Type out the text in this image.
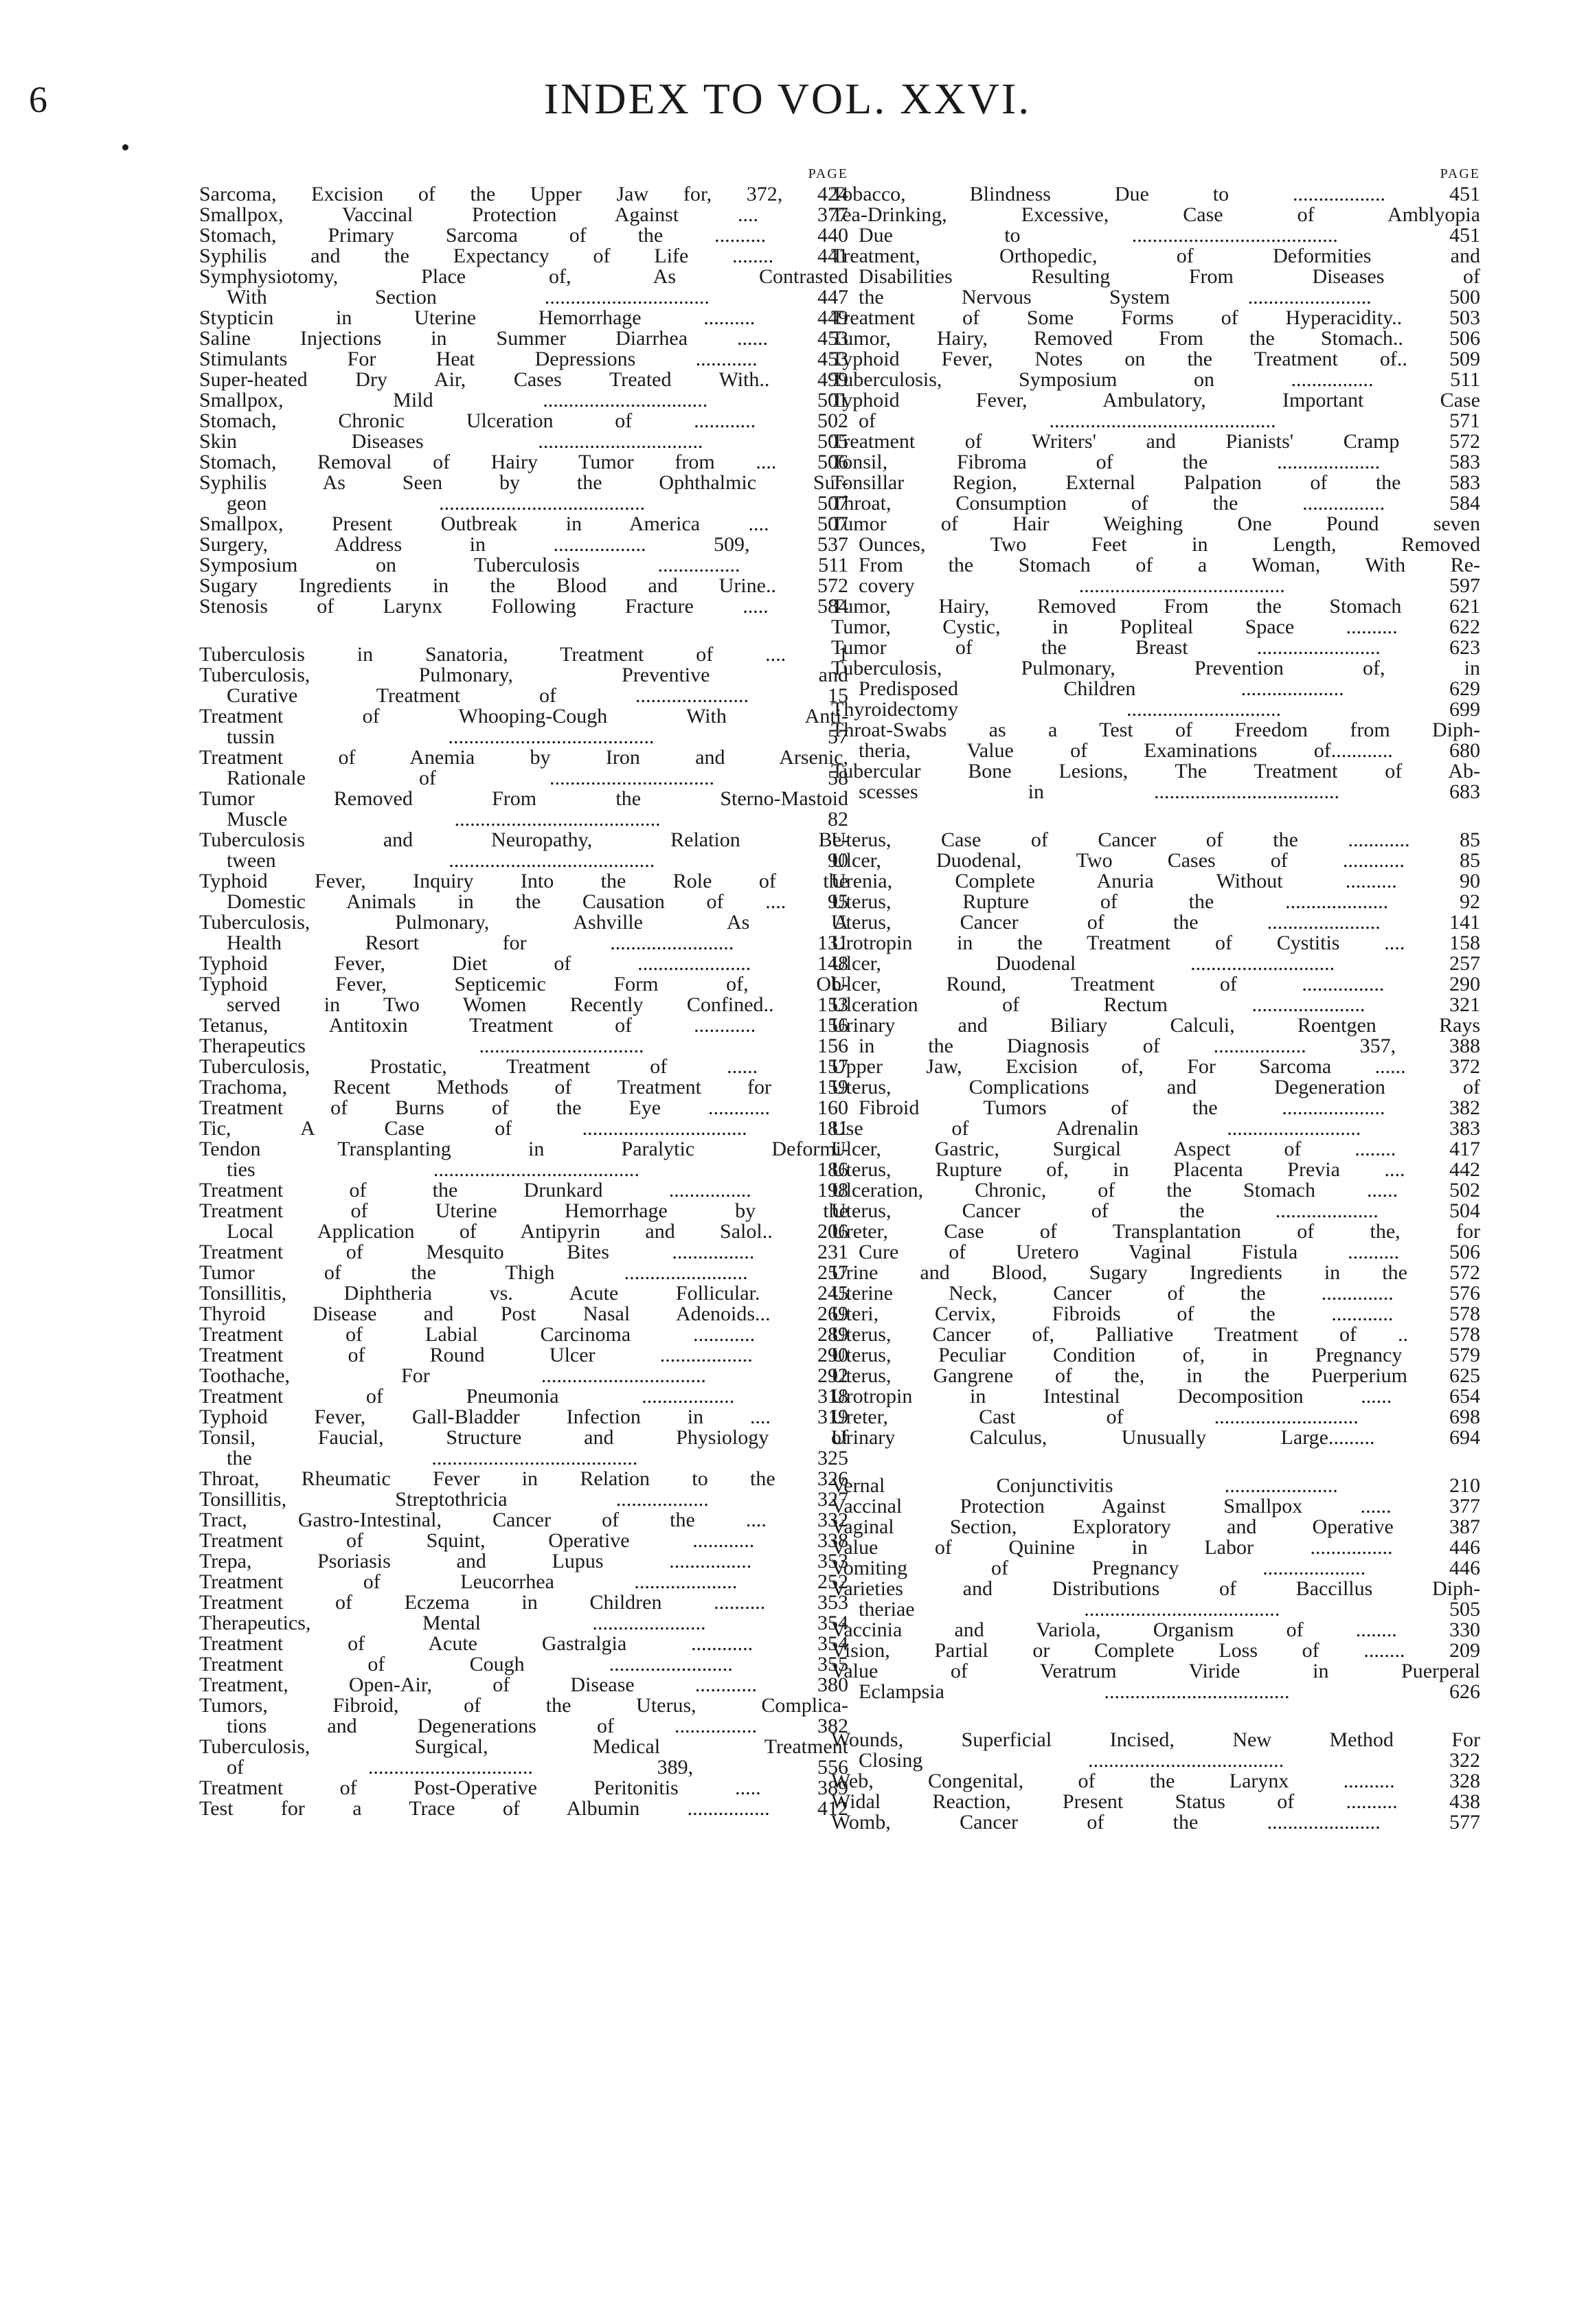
6	INDEX TO VOL. XXVI.
PAGE
Sarcoma, Excision of the Upper Jaw for, 372, 424
Smallpox, Vaccinal Protection Against .... 377
Stomach, Primary Sarcoma of the .......... 440
Syphilis and the Expectancy of Life ........ 441
Symphysiotomy, Place of, As Contrasted
With Section ................................ 447
Stypticin in Uterine Hemorrhage .......... 449
Saline Injections in Summer Diarrhea ...... 453
Stimulants For Heat Depressions ............ 453
Super-heated Dry Air, Cases Treated With.. 499
Smallpox, Mild ................................ 501
Stomach, Chronic Ulceration of ............ 502
Skin Diseases ................................ 505
Stomach, Removal of Hairy Tumor from .... 506
Syphilis As Seen by the Ophthalmic Sur-
geon ........................................ 507
Smallpox, Present Outbreak in America .... 507
Surgery, Address in .................. 509, 537
Symposium on Tuberculosis ................ 511
Sugary Ingredients in the Blood and Urine.. 572
Stenosis of Larynx Following Fracture ..... 584
Tuberculosis in Sanatoria, Treatment of .... 1
Tuberculosis, Pulmonary, Preventive and
Curative Treatment of ...................... 15
Treatment of Whooping-Cough With Anti-
tussin ........................................ 57
Treatment of Anemia by Iron and Arsenic,
Rationale of ................................ 58
Tumor Removed From the Sterno-Mastoid
Muscle ........................................ 82
Tuberculosis and Neuropathy, Relation Be-
tween ........................................ 90
Typhoid Fever, Inquiry Into the Role of the
Domestic Animals in the Causation of .... 95
Tuberculosis, Pulmonary, Ashville As A
Health Resort for ........................ 131
Typhoid Fever, Diet of ...................... 148
Typhoid Fever, Septicemic Form of, Ob-
served in Two Women Recently Confined.. 153
Tetanus, Antitoxin Treatment of ............ 156
Therapeutics ................................ 156
Tuberculosis, Prostatic, Treatment of ...... 157
Trachoma, Recent Methods of Treatment for 159
Treatment of Burns of the Eye ............ 160
Tic, A Case of ................................ 181
Tendon Transplanting in Paralytic Deformi-
ties ........................................ 186
Treatment of the Drunkard ................ 198
Treatment of Uterine Hemorrhage by the
Local Application of Antipyrin and Salol.. 206
Treatment of Mesquito Bites ................ 231
Tumor of the Thigh ........................ 257
Tonsillitis, Diphtheria vs. Acute Follicular. 245
Thyroid Disease and Post Nasal Adenoids... 269
Treatment of Labial Carcinoma ............ 289
Treatment of Round Ulcer .................. 290
Toothache, For ................................ 292
Treatment of Pneumonia .................. 318
Typhoid Fever, Gall-Bladder Infection in .... 319
Tonsil, Faucial, Structure and Physiology of
the ........................................ 325
Throat, Rheumatic Fever in Relation to the 326
Tonsillitis, Streptothricia .................. 327
Tract, Gastro-Intestinal, Cancer of the .... 332
Treatment of Squint, Operative ............ 338
Trepa, Psoriasis and Lupus ................ 353
Treatment of Leucorrhea .................... 252
Treatment of Eczema in Children .......... 353
Therapeutics, Mental ...................... 354
Treatment of Acute Gastralgia ............ 354
Treatment of Cough ........................ 355
Treatment, Open-Air, of Disease ............ 380
Tumors, Fibroid, of the Uterus, Complica-
tions and Degenerations of ................ 382
Tuberculosis, Surgical, Medical Treatment
of ................................ 389, 556
Treatment of Post-Operative Peritonitis ..... 389
Test for a Trace of Albumin ................ 412
PAGE
Tobacco, Blindness Due to .................. 451
Tea-Drinking, Excessive, Case of Amblyopia
Due to ........................................ 451
Treatment, Orthopedic, of Deformities and
Disabilities Resulting From Diseases of
the Nervous System ........................ 500
Treatment of Some Forms of Hyperacidity.. 503
Tumor, Hairy, Removed From the Stomach.. 506
Typhoid Fever, Notes on the Treatment of.. 509
Tuberculosis, Symposium on ................ 511
Typhoid Fever, Ambulatory, Important Case
of ............................................ 571
Treatment of Writers' and Pianists' Cramp 572
Tonsil, Fibroma of the .................... 583
Tonsillar Region, External Palpation of the 583
Throat, Consumption of the ................ 584
Tumor of Hair Weighing One Pound seven
Ounces, Two Feet in Length, Removed
From the Stomach of a Woman, With Re-
covery ........................................ 597
Tumor, Hairy, Removed From the Stomach 621
Tumor, Cystic, in Popliteal Space .......... 622
Tumor of the Breast ........................ 623
Tuberculosis, Pulmonary, Prevention of, in
Predisposed Children .................... 629
Thyroidectomy .............................. 699
Throat-Swabs as a Test of Freedom from Diph-
theria, Value of Examinations of............ 680
Tubercular Bone Lesions, The Treatment of Ab-
scesses in .................................... 683
Uterus, Case of Cancer of the ............ 85
Ulcer, Duodenal, Two Cases of ............ 85
Urenia, Complete Anuria Without .......... 90
Uterus, Rupture of the .................... 92
Uterus, Cancer of the ...................... 141
Urotropin in the Treatment of Cystitis .... 158
Ulcer, Duodenal ............................ 257
Ulcer, Round, Treatment of ................ 290
Ulceration of Rectum ...................... 321
Urinary and Biliary Calculi, Roentgen Rays
in the Diagnosis of .................. 357, 388
Upper Jaw, Excision of, For Sarcoma ...... 372
Uterus, Complications and Degeneration of
Fibroid Tumors of the .................... 382
Use of Adrenalin .......................... 383
Ulcer, Gastric, Surgical Aspect of ........ 417
Uterus, Rupture of, in Placenta Previa .... 442
Ulceration, Chronic, of the Stomach ...... 502
Uterus, Cancer of the .................... 504
Ureter, Case of Transplantation of the, for
Cure of Uretero Vaginal Fistula .......... 506
Urine and Blood, Sugary Ingredients in the 572
Uterine Neck, Cancer of the .............. 576
Uteri, Cervix, Fibroids of the ............ 578
Uterus, Cancer of, Palliative Treatment of .. 578
Uterus, Peculiar Condition of, in Pregnancy 579
Uterus, Gangrene of the, in the Puerperium 625
Urotropin in Intestinal Decomposition ...... 654
Ureter, Cast of ............................ 698
Urinary Calculus, Unusually Large......... 694
Vernal Conjunctivitis ...................... 210
Vaccinal Protection Against Smallpox ...... 377
Vaginal Section, Exploratory and Operative 387
Value of Quinine in Labor ................ 446
Vomiting of Pregnancy .................... 446
Varieties and Distributions of Baccillus Diph-
theriae ...................................... 505
Vaccinia and Variola, Organism of ........ 330
Vision, Partial or Complete Loss of ........ 209
Value of Veratrum Viride in Puerperal
Eclampsia .................................... 626
Wounds, Superficial Incised, New Method For
Closing ...................................... 322
Web, Congenital, of the Larynx .......... 328
Widal Reaction, Present Status of .......... 438
Womb, Cancer of the ...................... 577
